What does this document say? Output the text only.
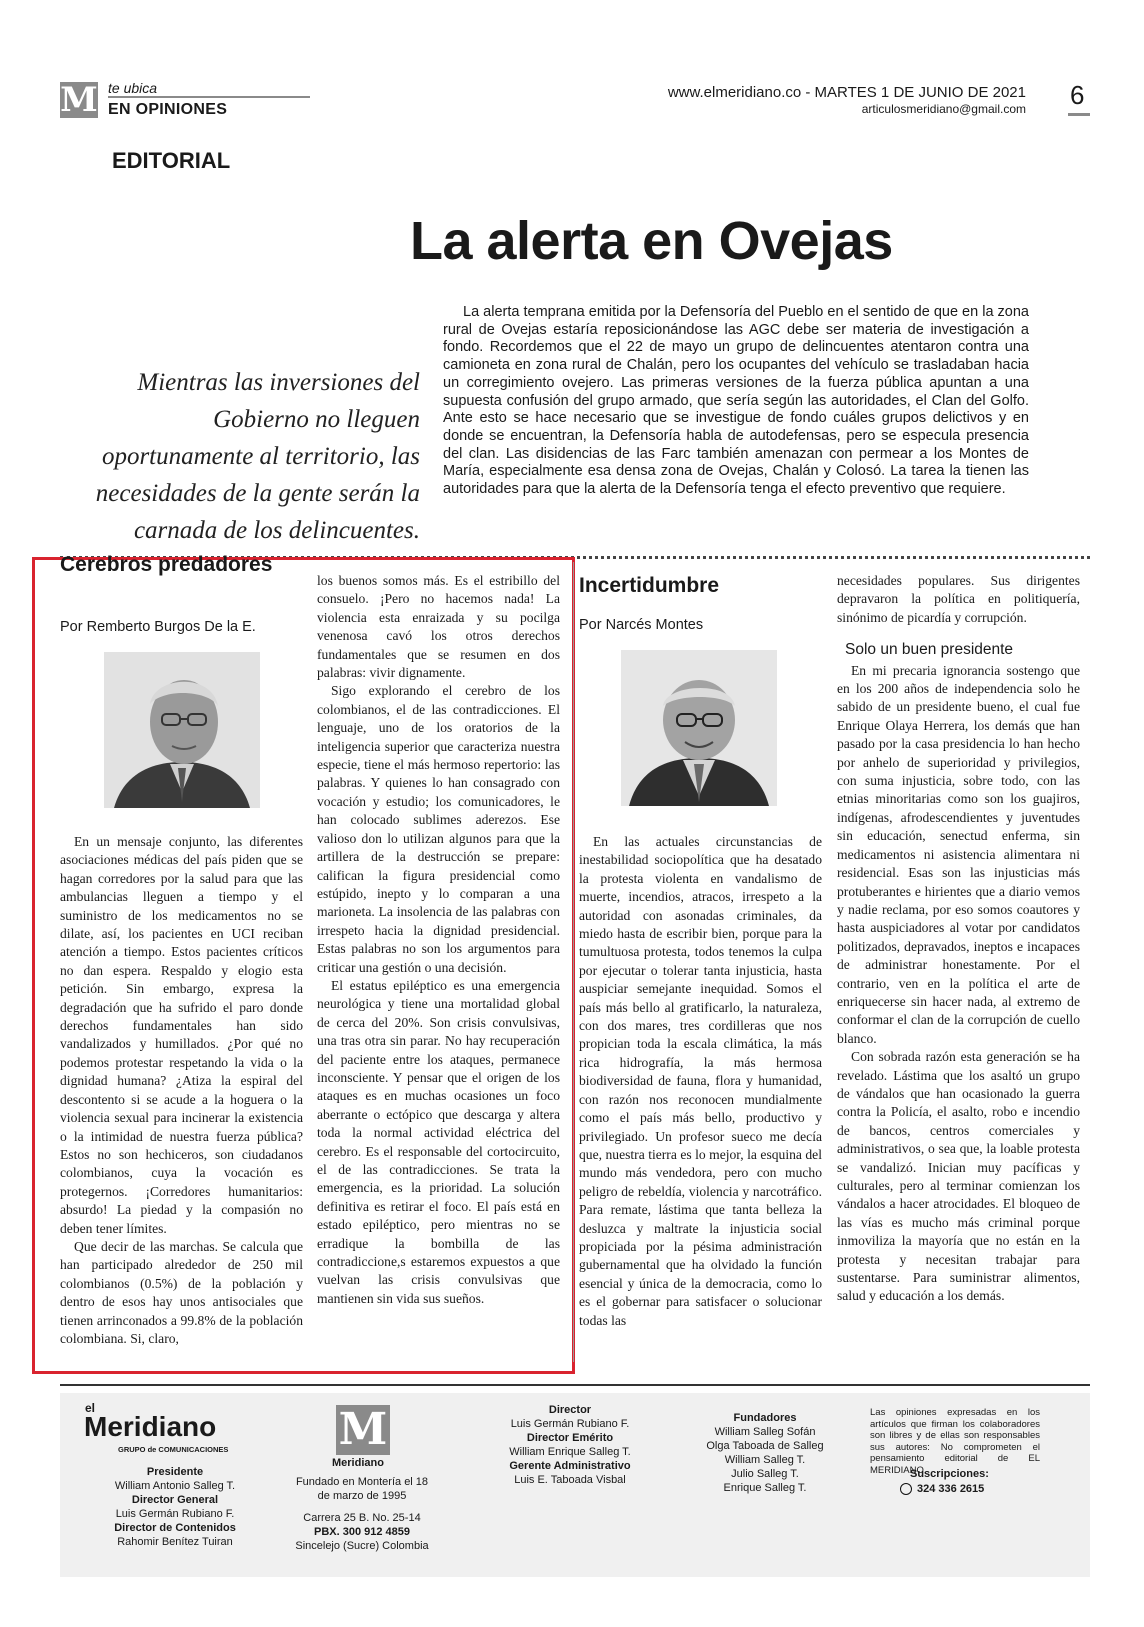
M te ubica
EN OPINIONES
www.elmeridiano.co - MARTES 1 DE JUNIO DE 2021
articulosmeridiano@gmail.com 6
EDITORIAL
La alerta en Ovejas
Mientras las inversiones del Gobierno no lleguen oportunamente al territorio, las necesidades de la gente serán la carnada de los delincuentes.
La alerta temprana emitida por la Defensoría del Pueblo en el sentido de que en la zona rural de Ovejas estaría reposicionándose las AGC debe ser materia de investigación a fondo. Recordemos que el 22 de mayo un grupo de delincuentes atentaron contra una camioneta en zona rural de Chalán, pero los ocupantes del vehículo se trasladaban hacia un corregimiento ovejero. Las primeras versiones de la fuerza pública apuntan a una supuesta confusión del grupo armado, que sería según las autoridades, el Clan del Golfo. Ante esto se hace necesario que se investigue de fondo cuáles grupos delictivos y en donde se encuentran, la Defensoría habla de autodefensas, pero se especula presencia del clan. Las disidencias de las Farc también amenazan con permear a los Montes de María, especialmente esa densa zona de Ovejas, Chalán y Colosó. La tarea la tienen las autoridades para que la alerta de la Defensoría tenga el efecto preventivo que requiere.
Cerebros predadores
Por Remberto Burgos De la E.

En un mensaje conjunto, las diferentes asociaciones médicas del país piden que se hagan corredores por la salud para que las ambulancias lleguen a tiempo y el suministro de los medicamentos no se dilate, así, los pacientes en UCI reciban atención a tiempo. Estos pacientes críticos no dan espera. Respaldo y elogio esta petición. Sin embargo, expresa la degradación que ha sufrido el paro donde derechos fundamentales han sido vandalizados y humillados. ¿Por qué no podemos protestar respetando la vida o la dignidad humana? ¿Atiza la espiral del descontento si se acude a la hoguera o la violencia sexual para incinerar la existencia o la intimidad de nuestra fuerza pública? Estos no son hechiceros, son ciudadanos colombianos, cuya la vocación es protegernos. ¡Corredores humanitarios: absurdo! La piedad y la compasión no deben tener límites.

Que decir de las marchas. Se calcula que han participado alrededor de 250 mil colombianos (0.5%) de la población y dentro de esos hay unos antisociales que tienen arrinconados a 99.8% de la población colombiana. Si, claro,

los buenos somos más. Es el estribillo del consuelo. ¡Pero no hacemos nada! La violencia esta enraizada y su pocilga venenosa cavó los otros derechos fundamentales que se resumen en dos palabras: vivir dignamente.

Sigo explorando el cerebro de los colombianos, el de las contradicciones. El lenguaje, uno de los oratorios de la inteligencia superior que caracteriza nuestra especie, tiene el más hermoso repertorio: las palabras. Y quienes lo han consagrado con vocación y estudio; los comunicadores, le han colocado sublimes aderezos. Ese valioso don lo utilizan algunos para que la artillera de la destrucción se prepare: califican la figura presidencial como estúpido, inepto y lo comparan a una marioneta. La insolencia de las palabras con irrespeto hacia la dignidad presidencial. Estas palabras no son los argumentos para criticar una gestión o una decisión.

El estatus epiléptico es una emergencia neurológica y tiene una mortalidad global de cerca del 20%. Son crisis convulsivas, una tras otra sin parar. No hay recuperación del paciente entre los ataques, permanece inconsciente. Y pensar que el origen de los ataques es en muchas ocasiones un foco aberrante o ectópico que descarga y altera toda la normal actividad eléctrica del cerebro. Es el responsable del cortocircuito, el de las contradicciones. Se trata la emergencia, es la prioridad. La solución definitiva es retirar el foco. El país está en estado epiléptico, pero mientras no se erradique la bombilla de las contradiccione,s estaremos expuestos a que vuelvan las crisis convulsivas que mantienen sin vida sus sueños.

Incertidumbre
Por Narcés Montes

En las actuales circunstancias de inestabilidad sociopolítica que ha desatado la protesta violenta en vandalismo de muerte, incendios, atracos, irrespeto a la autoridad con asonadas criminales, da miedo hasta de escribir bien, porque para la tumultuosa protesta, todos tenemos la culpa por ejecutar o tolerar tanta injusticia, hasta auspiciar semejante inequidad. Somos el país más bello al gratificarlo, la naturaleza, con dos mares, tres cordilleras que nos propician toda la escala climática, la más rica hidrografía, la más hermosa biodiversidad de fauna, flora y humanidad, con razón nos reconocen mundialmente como el país más bello, productivo y privilegiado. Un profesor sueco me decía que, nuestra tierra es lo mejor, la esquina del mundo más vendedora, pero con mucho peligro de rebeldía, violencia y narcotráfico. Para remate, lástima que tanta belleza la desluzca y maltrate la injusticia social propiciada por la pésima administración gubernamental que ha olvidado la función esencial y única de la democracia, como lo es el gobernar para satisfacer o solucionar todas las

necesidades populares. Sus dirigentes depravaron la política en politiquería, sinónimo de picardía y corrupción.

Solo un buen presidente

En mi precaria ignorancia sostengo que en los 200 años de independencia solo he sabido de un presidente bueno, el cual fue Enrique Olaya Herrera, los demás que han pasado por la casa presidencia lo han hecho por anhelo de superioridad y privilegios, con suma injusticia, sobre todo, con las etnias minoritarias como son los guajiros, indígenas, afrodescendientes y juventudes sin educación, senectud enferma, sin medicamentos ni asistencia alimentara ni residencial. Esas son las injusticias más protuberantes e hirientes que a diario vemos y nadie reclama, por eso somos coautores y hasta auspiciadores al votar por candidatos politizados, depravados, ineptos e incapaces de administrar honestamente. Por el contrario, ven en la política el arte de enriquecerse sin hacer nada, al extremo de conformar el clan de la corrupción de cuello blanco.

Con sobrada razón esta generación se ha revelado. Lástima que los asaltó un grupo de vándalos que han ocasionado la guerra contra la Policía, el asalto, robo e incendio de bancos, centros comerciales y administrativos, o sea que, la loable protesta se vandalizó. Inician muy pacíficas y culturales, pero al terminar comienzan los vándalos a hacer atrocidades. El bloqueo de las vías es mucho más criminal porque inmoviliza la mayoría que no están en la protesta y necesitan trabajar para sustentarse. Para suministrar alimentos, salud y educación a los demás.

el
Meridiano
GRUPO de COMUNICACIONES
Presidente
William Antonio Salleg T.
Director General
Luis Germán Rubiano F.
Director de Contenidos
Rahomir Benítez Tuiran
M
Meridiano
Fundado en Montería el 18 de marzo de 1995
Carrera 25 B. No. 25-14
PBX. 300 912 4859
Sincelejo (Sucre) Colombia
Director
Luis Germán Rubiano F.
Director Emérito
William Enrique Salleg T.
Gerente Administrativo
Luis E. Taboada Visbal
Fundadores
William Salleg Sofán
Olga Taboada de Salleg
William Salleg T.
Julio Salleg T.
Enrique Salleg T.
Las opiniones expresadas en los artículos que firman los colaboradores son libres y de ellas son responsables sus autores: No comprometen el pensamiento editorial de EL MERIDIANO.
Suscripciones:
324 336 2615
